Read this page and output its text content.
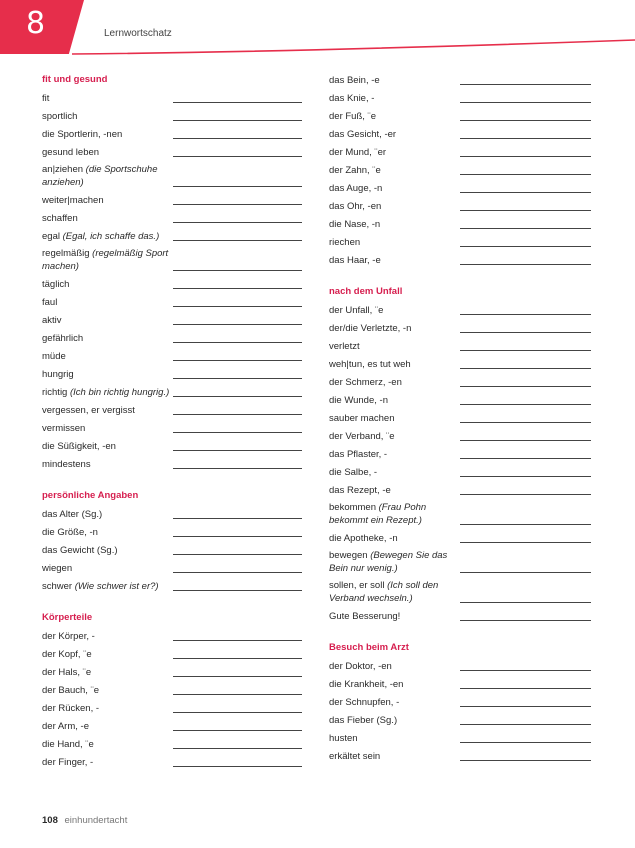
8	Lernwortschatz
fit und gesund
fit
sportlich
die Sportlerin, -nen
gesund leben
an|ziehen (die Sportschuhe anziehen)
weiter|machen
schaffen
egal (Egal, ich schaffe das.)
regelmäßig (regelmäßig Sport machen)
täglich
faul
aktiv
gefährlich
müde
hungrig
richtig (Ich bin richtig hungrig.)
vergessen, er vergisst
vermissen
die Süßigkeit, -en
mindestens
persönliche Angaben
das Alter (Sg.)
die Größe, -n
das Gewicht (Sg.)
wiegen
schwer (Wie schwer ist er?)
Körperteile
der Körper, -
der Kopf, ¨e
der Hals, ¨e
der Bauch, ¨e
der Rücken, -
der Arm, -e
die Hand, ¨e
der Finger, -
das Bein, -e
das Knie, -
der Fuß, ¨e
das Gesicht, -er
der Mund, ¨er
der Zahn, ¨e
das Auge, -n
das Ohr, -en
die Nase, -n
riechen
das Haar, -e
nach dem Unfall
der Unfall, ¨e
der/die Verletzte, -n
verletzt
weh|tun, es tut weh
der Schmerz, -en
die Wunde, -n
sauber machen
der Verband, ¨e
das Pflaster, -
die Salbe, -
das Rezept, -e
bekommen (Frau Pohn bekommt ein Rezept.)
die Apotheke, -n
bewegen (Bewegen Sie das Bein nur wenig.)
sollen, er soll (Ich soll den Verband wechseln.)
Gute Besserung!
Besuch beim Arzt
der Doktor, -en
die Krankheit, -en
der Schnupfen, -
das Fieber (Sg.)
husten
erkältet sein
108 einhundertacht
